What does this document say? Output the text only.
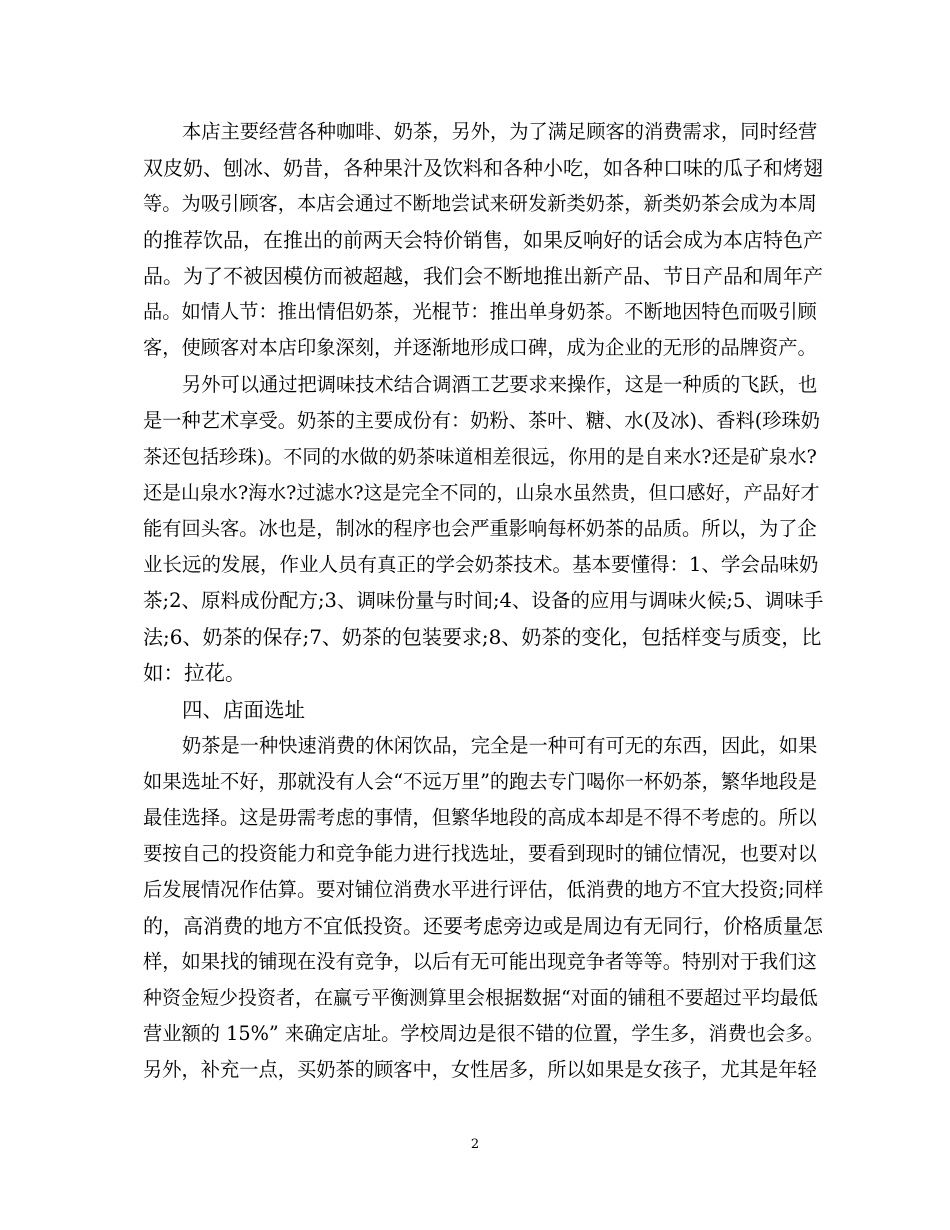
本店主要经营各种咖啡、奶茶，另外，为了满足顾客的消费需求，同时经营
双皮奶、刨冰、奶昔，各种果汁及饮料和各种小吃，如各种口味的瓜子和烤翅
等。为吸引顾客，本店会通过不断地尝试来研发新类奶茶，新类奶茶会成为本周
的推荐饮品，在推出的前两天会特价销售，如果反响好的话会成为本店特色产
品。为了不被因模仿而被超越，我们会不断地推出新产品、节日产品和周年产
品。如情人节：推出情侣奶茶，光棍节：推出单身奶茶。不断地因特色而吸引顾
客，使顾客对本店印象深刻，并逐渐地形成口碑，成为企业的无形的品牌资产。
另外可以通过把调味技术结合调酒工艺要求来操作，这是一种质的飞跃，也
是一种艺术享受。奶茶的主要成份有：奶粉、茶叶、糖、水(及冰)、香料(珍珠奶
茶还包括珍珠)。不同的水做的奶茶味道相差很远，你用的是自来水?还是矿泉水?
还是山泉水?海水?过滤水?这是完全不同的，山泉水虽然贵，但口感好，产品好才
能有回头客。冰也是，制冰的程序也会严重影响每杯奶茶的品质。所以，为了企
业长远的发展，作业人员有真正的学会奶茶技术。基本要懂得：1、学会品味奶
茶;2、原料成份配方;3、调味份量与时间;4、设备的应用与调味火候;5、调味手
法;6、奶茶的保存;7、奶茶的包装要求;8、奶茶的变化，包括样变与质变，比
如：拉花。
四、店面选址
奶茶是一种快速消费的休闲饮品，完全是一种可有可无的东西，因此，如果
如果选址不好，那就没有人会“不远万里”的跑去专门喝你一杯奶茶，繁华地段是
最佳选择。这是毋需考虑的事情，但繁华地段的高成本却是不得不考虑的。所以
要按自己的投资能力和竞争能力进行找选址，要看到现时的铺位情况，也要对以
后发展情况作估算。要对铺位消费水平进行评估，低消费的地方不宜大投资;同样
的，高消费的地方不宜低投资。还要考虑旁边或是周边有无同行，价格质量怎
样，如果找的铺现在没有竞争，以后有无可能出现竞争者等等。特别对于我们这
种资金短少投资者，在赢亏平衡测算里会根据数据“对面的铺租不要超过平均最低
营业额的 15%” 来确定店址。学校周边是很不错的位置，学生多，消费也会多。
另外，补充一点，买奶茶的顾客中，女性居多，所以如果是女孩子，尤其是年轻
2
